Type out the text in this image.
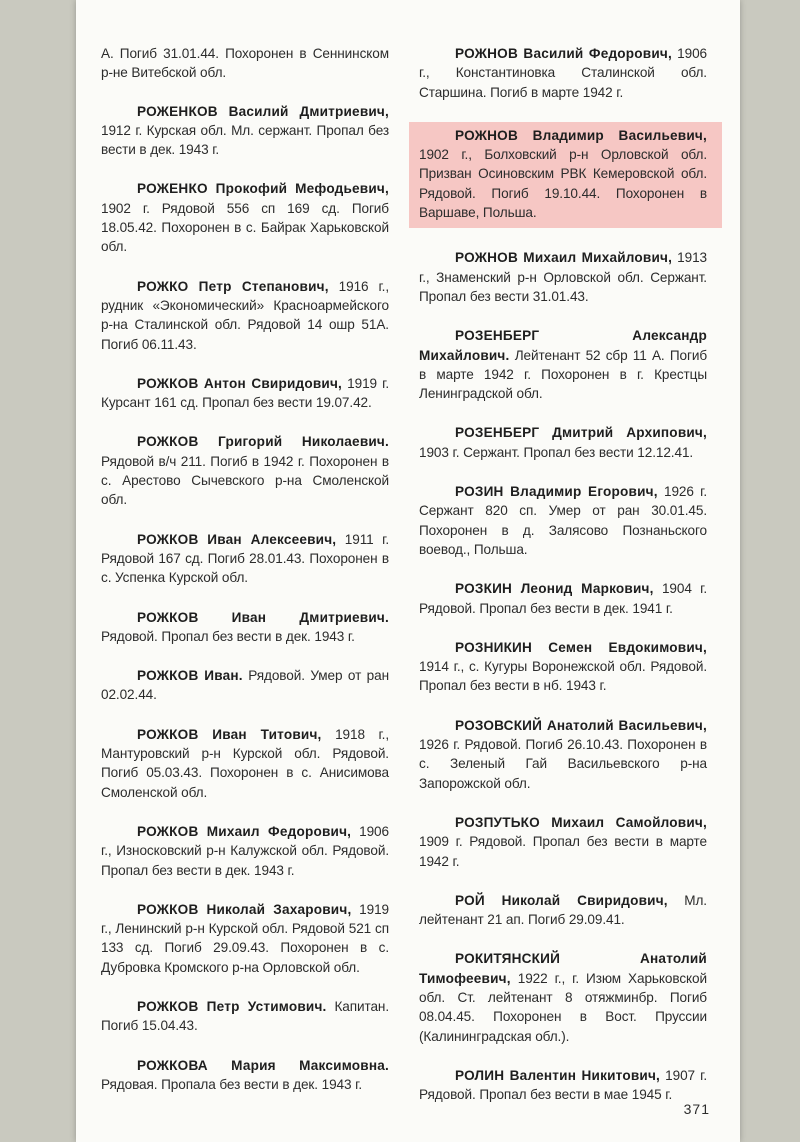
А. Погиб 31.01.44. Похоронен в Сеннинском р-не Витебской обл.

РОЖЕНКОВ Василий Дмитриевич, 1912 г. Курская обл. Мл. сержант. Пропал без вести в дек. 1943 г.

РОЖЕНКО Прокофий Мефодьевич, 1902 г. Рядовой 556 сп 169 сд. Погиб 18.05.42. Похоронен в с. Байрак Харьковской обл.

РОЖКО Петр Степанович, 1916 г., рудник «Экономический» Красноармейского р-на Сталинской обл. Рядовой 14 ошр 51А. Погиб 06.11.43.

РОЖКОВ Антон Свиридович, 1919 г. Курсант 161 сд. Пропал без вести 19.07.42.

РОЖКОВ Григорий Николаевич. Рядовой в/ч 211. Погиб в 1942 г. Похоронен в с. Арестово Сычевского р-на Смоленской обл.

РОЖКОВ Иван Алексеевич, 1911 г. Рядовой 167 сд. Погиб 28.01.43. Похоронен в с. Успенка Курской обл.

РОЖКОВ Иван Дмитриевич. Рядовой. Пропал без вести в дек. 1943 г.

РОЖКОВ Иван. Рядовой. Умер от ран 02.02.44.

РОЖКОВ Иван Титович, 1918 г., Мантуровский р-н Курской обл. Рядовой. Погиб 05.03.43. Похоронен в с. Анисимова Смоленской обл.

РОЖКОВ Михаил Федорович, 1906 г., Износковский р-н Калужской обл. Рядовой. Пропал без вести в дек. 1943 г.

РОЖКОВ Николай Захарович, 1919 г., Ленинский р-н Курской обл. Рядовой 521 сп 133 сд. Погиб 29.09.43. Похоронен в с. Дубровка Кромского р-на Орловской обл.

РОЖКОВ Петр Устимович. Капитан. Погиб 15.04.43.

РОЖКОВА Мария Максимовна. Рядовая. Пропала без вести в дек. 1943 г.

РОЖНОВ Василий Федорович, 1906 г., Константиновка Сталинской обл. Старшина. Погиб в марте 1942 г.

РОЖНОВ Владимир Васильевич, 1902 г., Болховский р-н Орловской обл. Призван Осиновским РВК Кемеровской обл. Рядовой. Погиб 19.10.44. Похоронен в Варшаве, Польша.

РОЖНОВ Михаил Михайлович, 1913 г., Знаменский р-н Орловской обл. Сержант. Пропал без вести 31.01.43.

РОЗЕНБЕРГ Александр Михайлович. Лейтенант 52 сбр 11 А. Погиб в марте 1942 г. Похоронен в г. Крестцы Ленинградской обл.

РОЗЕНБЕРГ Дмитрий Архипович, 1903 г. Сержант. Пропал без вести 12.12.41.

РОЗИН Владимир Егорович, 1926 г. Сержант 820 сп. Умер от ран 30.01.45. Похоронен в д. Залясово Познаньского воевод., Польша.

РОЗКИН Леонид Маркович, 1904 г. Рядовой. Пропал без вести в дек. 1941 г.

РОЗНИКИН Семен Евдокимович, 1914 г., с. Кугуры Воронежской обл. Рядовой. Пропал без вести в нб. 1943 г.

РОЗОВСКИЙ Анатолий Васильевич, 1926 г. Рядовой. Погиб 26.10.43. Похоронен в с. Зеленый Гай Васильевского р-на Запорожской обл.

РОЗПУТЬКО Михаил Самойлович, 1909 г. Рядовой. Пропал без вести в марте 1942 г.

РОЙ Николай Свиридович, Мл. лейтенант 21 ап. Погиб 29.09.41.

РОКИТЯНСКИЙ Анатолий Тимофеевич, 1922 г., г. Изюм Харьковской обл. Ст. лейтенант 8 отяжминбр. Погиб 08.04.45. Похоронен в Вост. Пруссии (Калининградская обл.).

РОЛИН Валентин Никитович, 1907 г. Рядовой. Пропал без вести в мае 1945 г.

371
